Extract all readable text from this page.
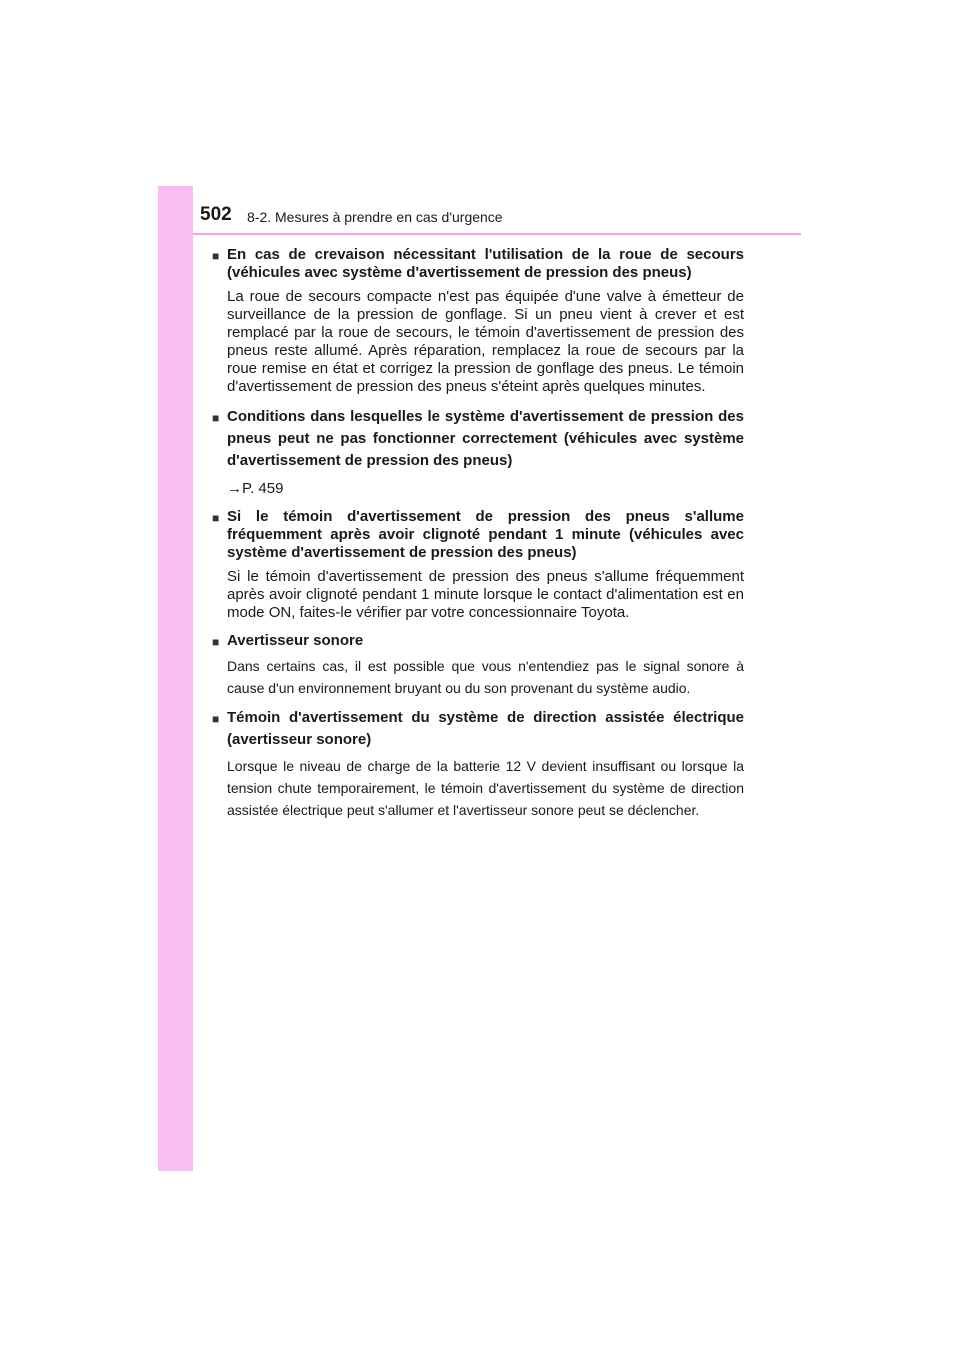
502 8-2. Mesures à prendre en cas d'urgence
■ En cas de crevaison nécessitant l'utilisation de la roue de secours (véhicules avec système d'avertissement de pression des pneus)
La roue de secours compacte n'est pas équipée d'une valve à émetteur de surveillance de la pression de gonflage. Si un pneu vient à crever et est remplacé par la roue de secours, le témoin d'avertissement de pression des pneus reste allumé. Après réparation, remplacez la roue de secours par la roue remise en état et corrigez la pression de gonflage des pneus. Le témoin d'avertissement de pression des pneus s'éteint après quelques minutes.
■ Conditions dans lesquelles le système d'avertissement de pression des pneus peut ne pas fonctionner correctement (véhicules avec système d'avertissement de pression des pneus)
→P. 459
■ Si le témoin d'avertissement de pression des pneus s'allume fréquemment après avoir clignoté pendant 1 minute (véhicules avec système d'avertissement de pression des pneus)
Si le témoin d'avertissement de pression des pneus s'allume fréquemment après avoir clignoté pendant 1 minute lorsque le contact d'alimentation est en mode ON, faites-le vérifier par votre concessionnaire Toyota.
■ Avertisseur sonore
Dans certains cas, il est possible que vous n'entendiez pas le signal sonore à cause d'un environnement bruyant ou du son provenant du système audio.
■ Témoin d'avertissement du système de direction assistée électrique (avertisseur sonore)
Lorsque le niveau de charge de la batterie 12 V devient insuffisant ou lorsque la tension chute temporairement, le témoin d'avertissement du système de direction assistée électrique peut s'allumer et l'avertisseur sonore peut se déclencher.
